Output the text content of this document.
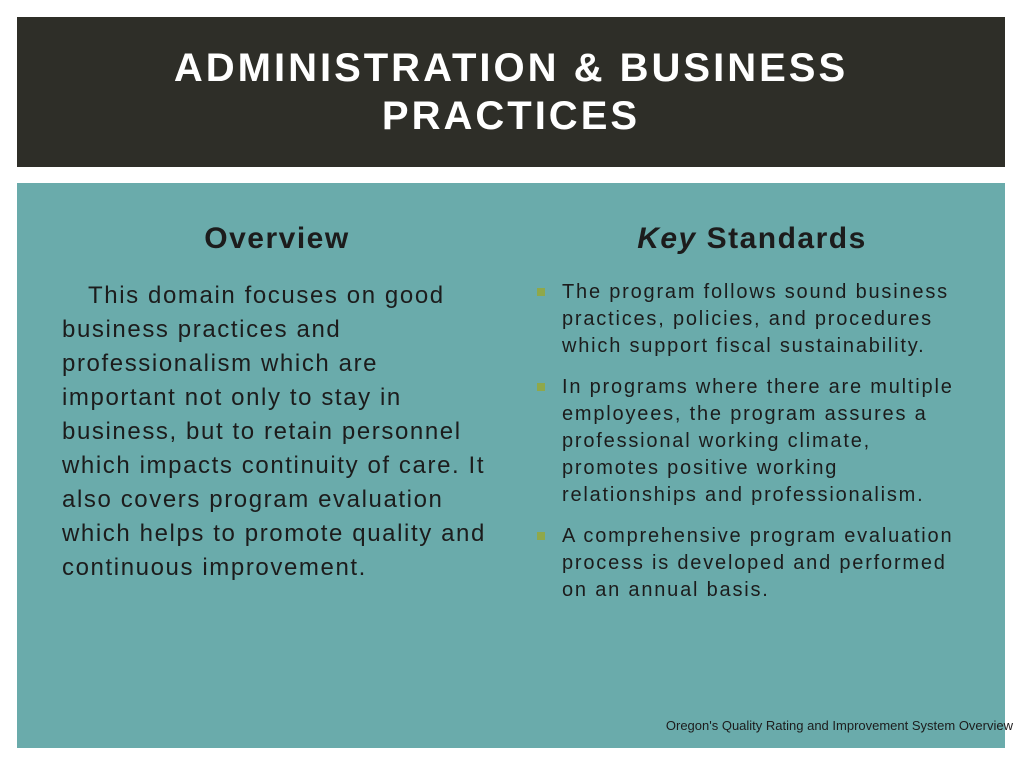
ADMINISTRATION & BUSINESS PRACTICES
Overview

This domain focuses on good business practices and professionalism which are important not only to stay in business, but to retain personnel which impacts continuity of care. It also covers program evaluation which helps to promote quality and continuous improvement.

Key Standards
The program follows sound business practices, policies, and procedures which support fiscal sustainability.
In programs where there are multiple employees, the program assures a professional working climate, promotes positive working relationships and professionalism.
A comprehensive program evaluation process is developed and performed on an annual basis.
Oregon's Quality Rating and Improvement System Overview
